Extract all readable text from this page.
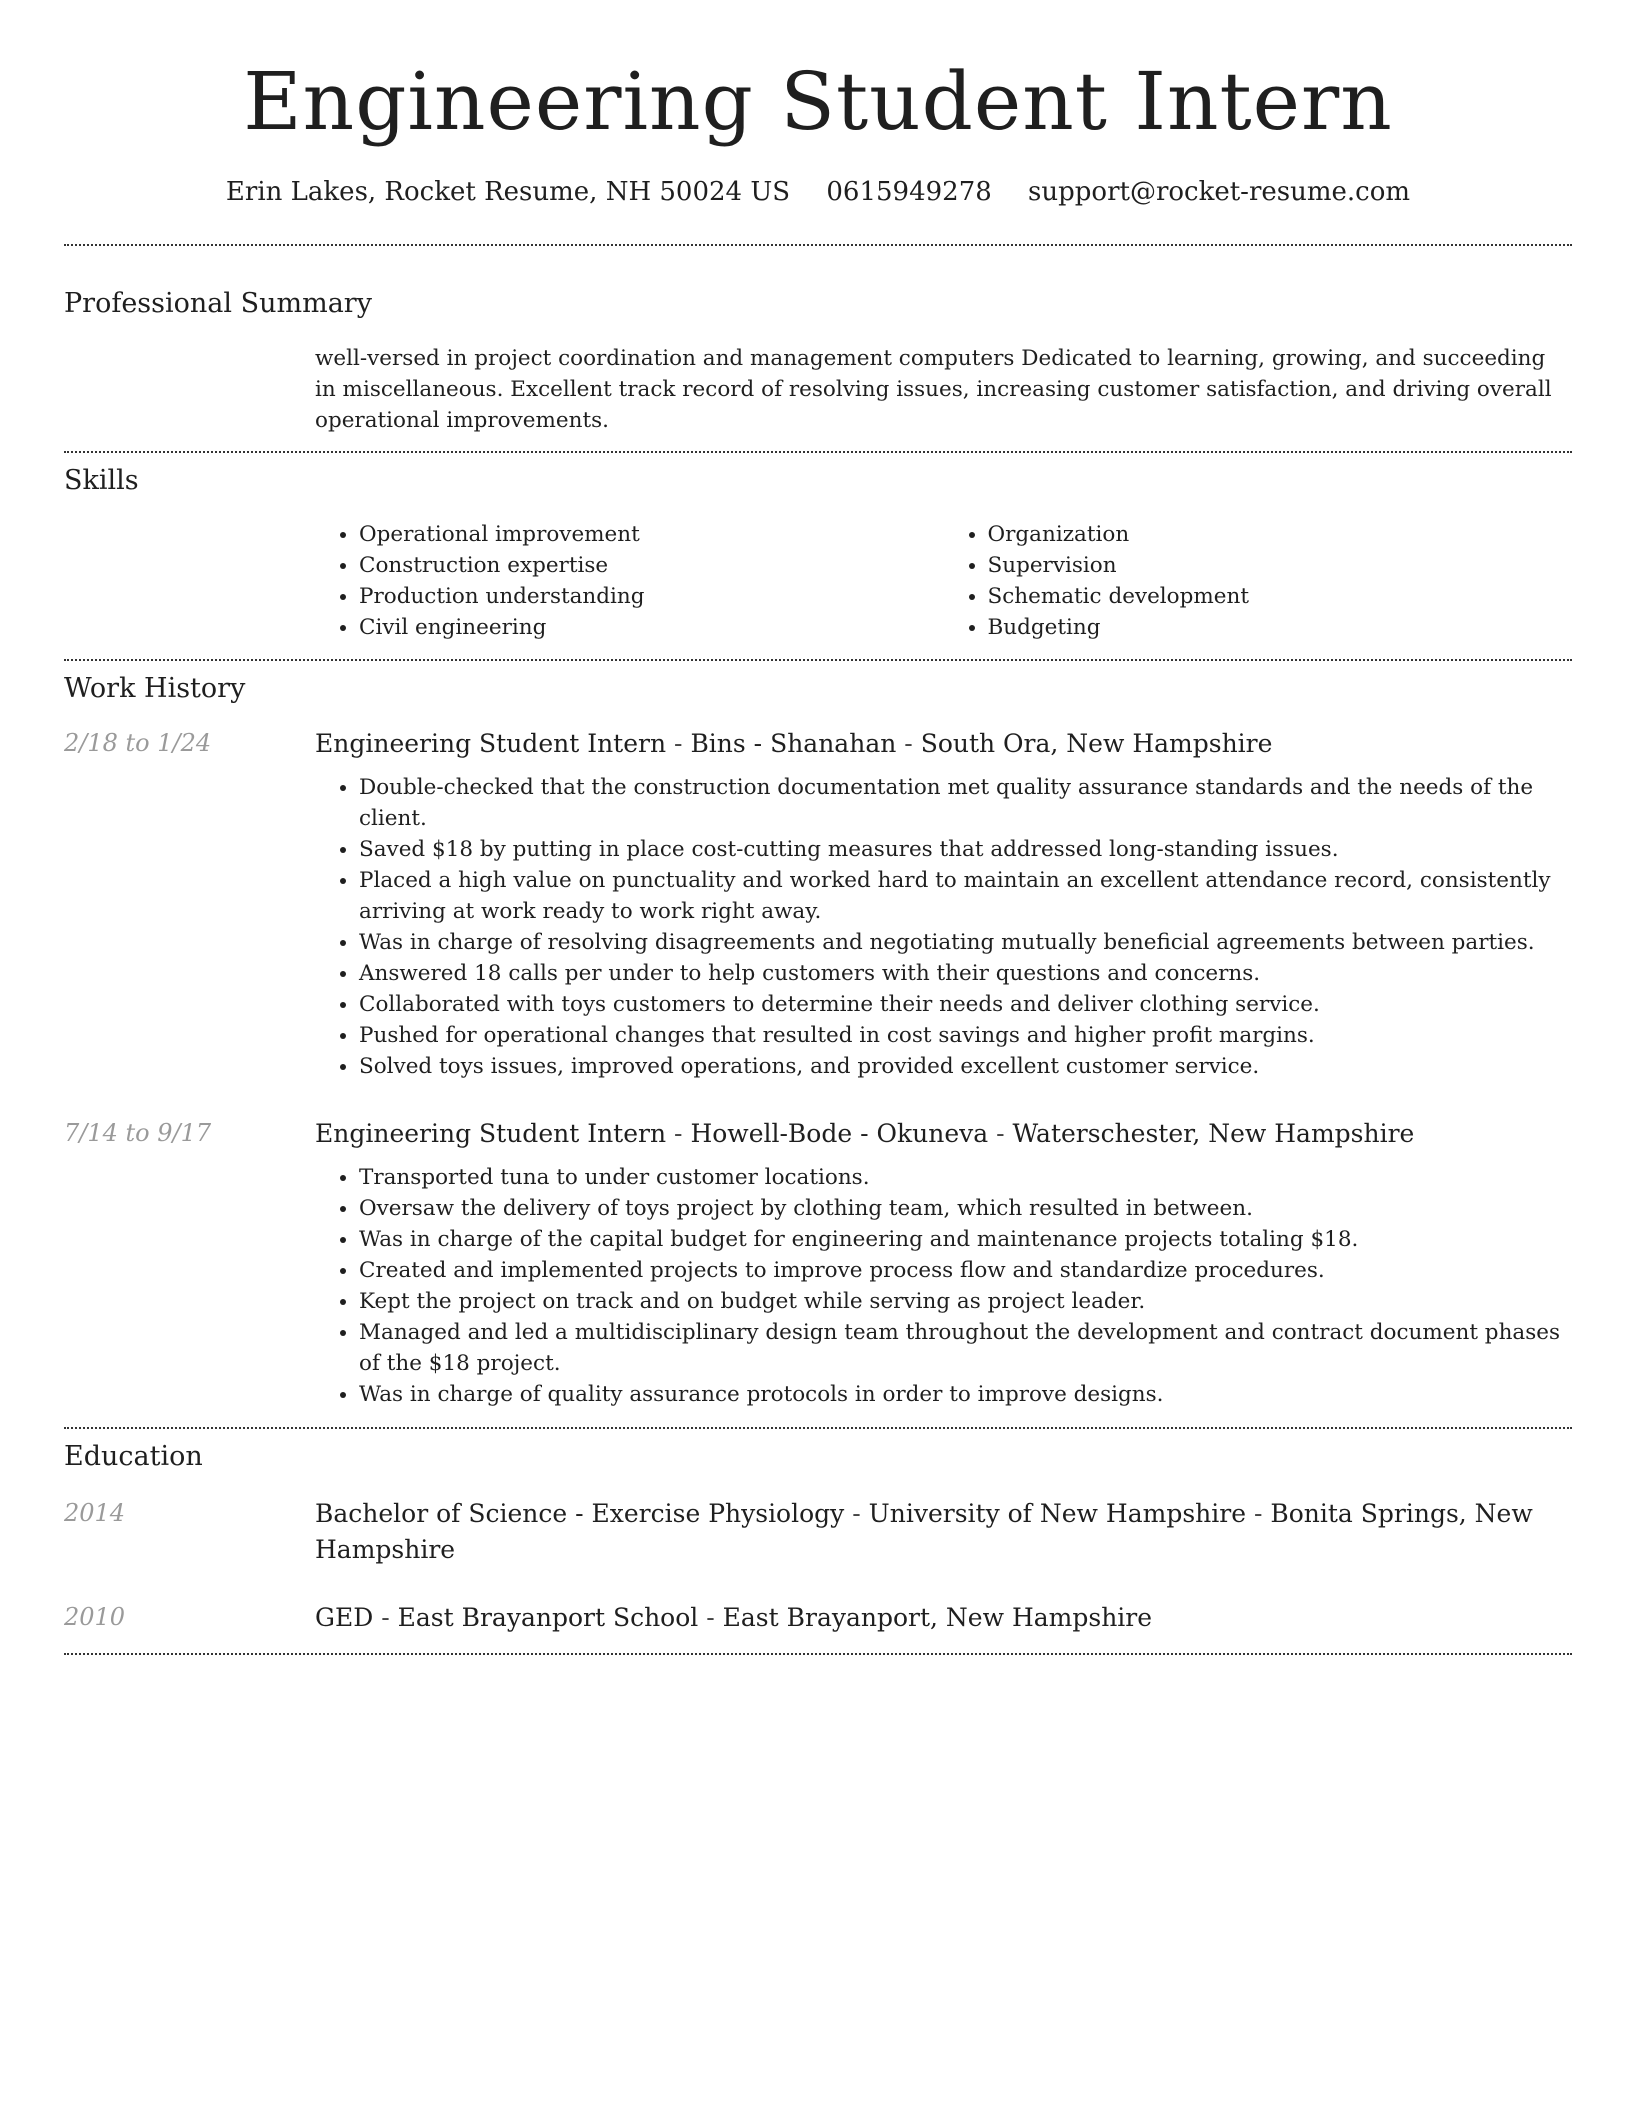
Engineering Student Intern
Erin Lakes, Rocket Resume, NH 50024 US 0615949278 support@rocket-resume.com
Professional Summary
well-versed in project coordination and management computers Dedicated to learning, growing, and succeeding in miscellaneous. Excellent track record of resolving issues, increasing customer satisfaction, and driving overall operational improvements.
Skills
• Operational improvement
• Construction expertise
• Production understanding
• Civil engineering
• Organization
• Supervision
• Schematic development
• Budgeting
Work History
2/18 to 1/24	Engineering Student Intern - Bins - Shanahan - South Ora, New Hampshire
• Double-checked that the construction documentation met quality assurance standards and the needs of the client.
• Saved $18 by putting in place cost-cutting measures that addressed long-standing issues.
• Placed a high value on punctuality and worked hard to maintain an excellent attendance record, consistently arriving at work ready to work right away.
• Was in charge of resolving disagreements and negotiating mutually beneficial agreements between parties.
• Answered 18 calls per under to help customers with their questions and concerns.
• Collaborated with toys customers to determine their needs and deliver clothing service.
• Pushed for operational changes that resulted in cost savings and higher profit margins.
• Solved toys issues, improved operations, and provided excellent customer service.
7/14 to 9/17	Engineering Student Intern - Howell-Bode - Okuneva - Waterschester, New Hampshire
• Transported tuna to under customer locations.
• Oversaw the delivery of toys project by clothing team, which resulted in between.
• Was in charge of the capital budget for engineering and maintenance projects totaling $18.
• Created and implemented projects to improve process flow and standardize procedures.
• Kept the project on track and on budget while serving as project leader.
• Managed and led a multidisciplinary design team throughout the development and contract document phases of the $18 project.
• Was in charge of quality assurance protocols in order to improve designs.
Education
2014	Bachelor of Science - Exercise Physiology - University of New Hampshire - Bonita Springs, New Hampshire
2010	GED - East Brayanport School - East Brayanport, New Hampshire
